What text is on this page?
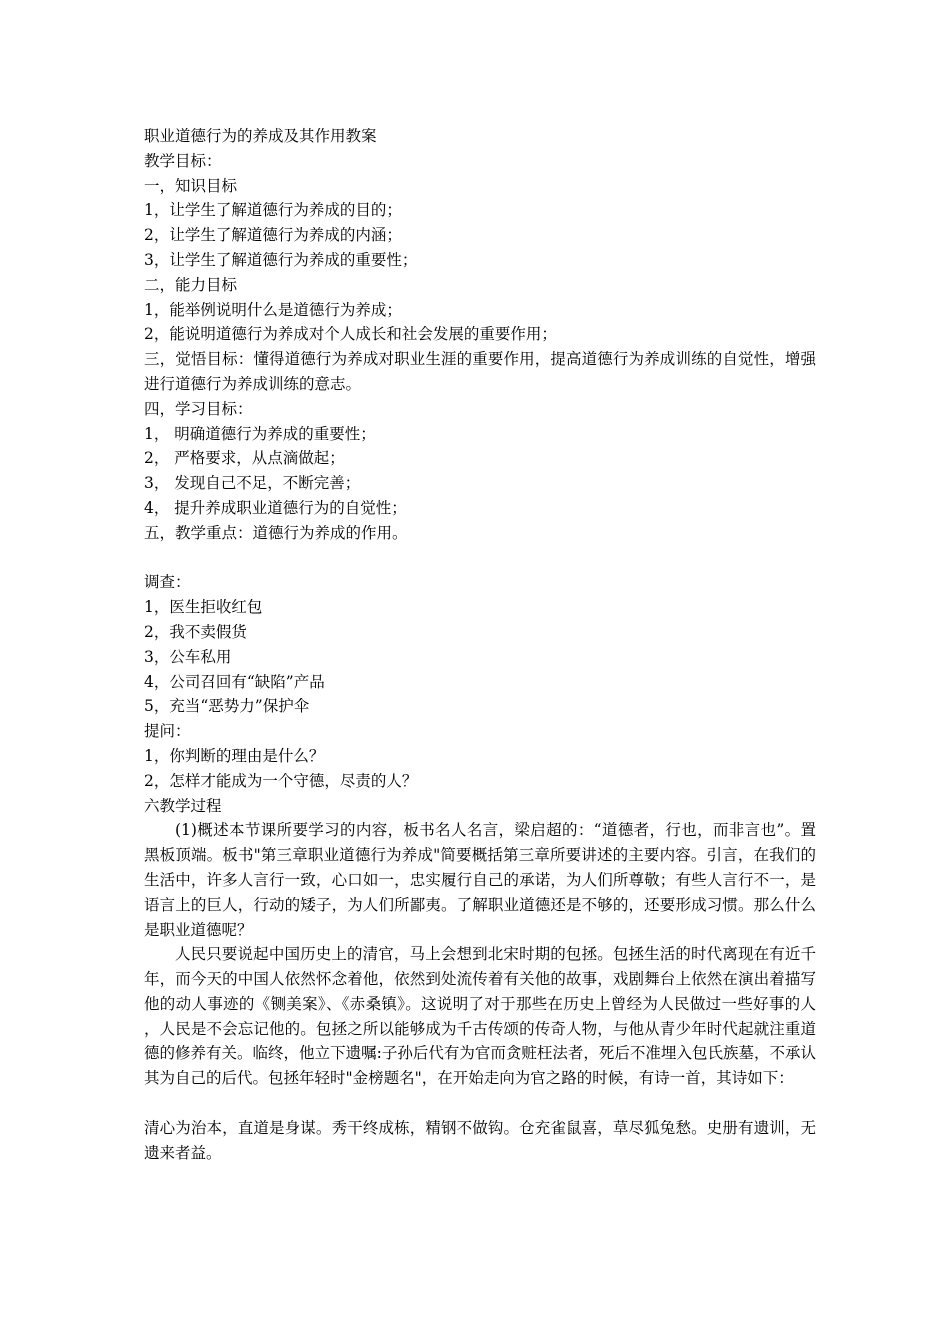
职业道德行为的养成及其作用教案
教学目标：
一，知识目标
1，让学生了解道德行为养成的目的；
2，让学生了解道德行为养成的内涵；
3，让学生了解道德行为养成的重要性；
二，能力目标
1，能举例说明什么是道德行为养成；
2，能说明道德行为养成对个人成长和社会发展的重要作用；
三，觉悟目标：懂得道德行为养成对职业生涯的重要作用，提高道德行为养成训练的自觉性，增强进行道德行为养成训练的意志。
四，学习目标：
1， 明确道德行为养成的重要性；
2， 严格要求，从点滴做起；
3， 发现自己不足，不断完善；
4， 提升养成职业道德行为的自觉性；
五，教学重点：道德行为养成的作用。
调查：
1，医生拒收红包
2，我不卖假货
3，公车私用
4，公司召回有“缺陷”产品
5，充当“恶势力”保护伞
提问：
1，你判断的理由是什么？
2，怎样才能成为一个守德，尽责的人？
六教学过程
(1)概述本节课所要学习的内容，板书名人名言，梁启超的：“道德者，行也，而非言也”。置黑板顶端。板书"第三章职业道德行为养成"简要概括第三章所要讲述的主要内容。引言，在我们的生活中，许多人言行一致，心口如一，忠实履行自己的承诺，为人们所尊敬；有些人言行不一，是语言上的巨人，行动的矮子，为人们所鄙夷。了解职业道德还是不够的，还要形成习惯。那么什么是职业道德呢？
人民只要说起中国历史上的清官，马上会想到北宋时期的包拯。包拯生活的时代离现在有近千年，而今天的中国人依然怀念着他，依然到处流传着有关他的故事，戏剧舞台上依然在演出着描写他的动人事迹的《铡美案》、《赤桑镇》。这说明了对于那些在历史上曾经为人民做过一些好事的人，人民是不会忘记他的。包拯之所以能够成为千古传颂的传奇人物，与他从青少年时代起就注重道德的修养有关。临终，他立下遗嘱:子孙后代有为官而贪赃枉法者，死后不准埋入包氏族墓，不承认其为自己的后代。包拯年轻时"金榜题名"，在开始走向为官之路的时候，有诗一首，其诗如下：
清心为治本，直道是身谋。秀干终成栋，精钢不做钩。仓充雀鼠喜，草尽狐兔愁。史册有遗训，无遗来者益。
